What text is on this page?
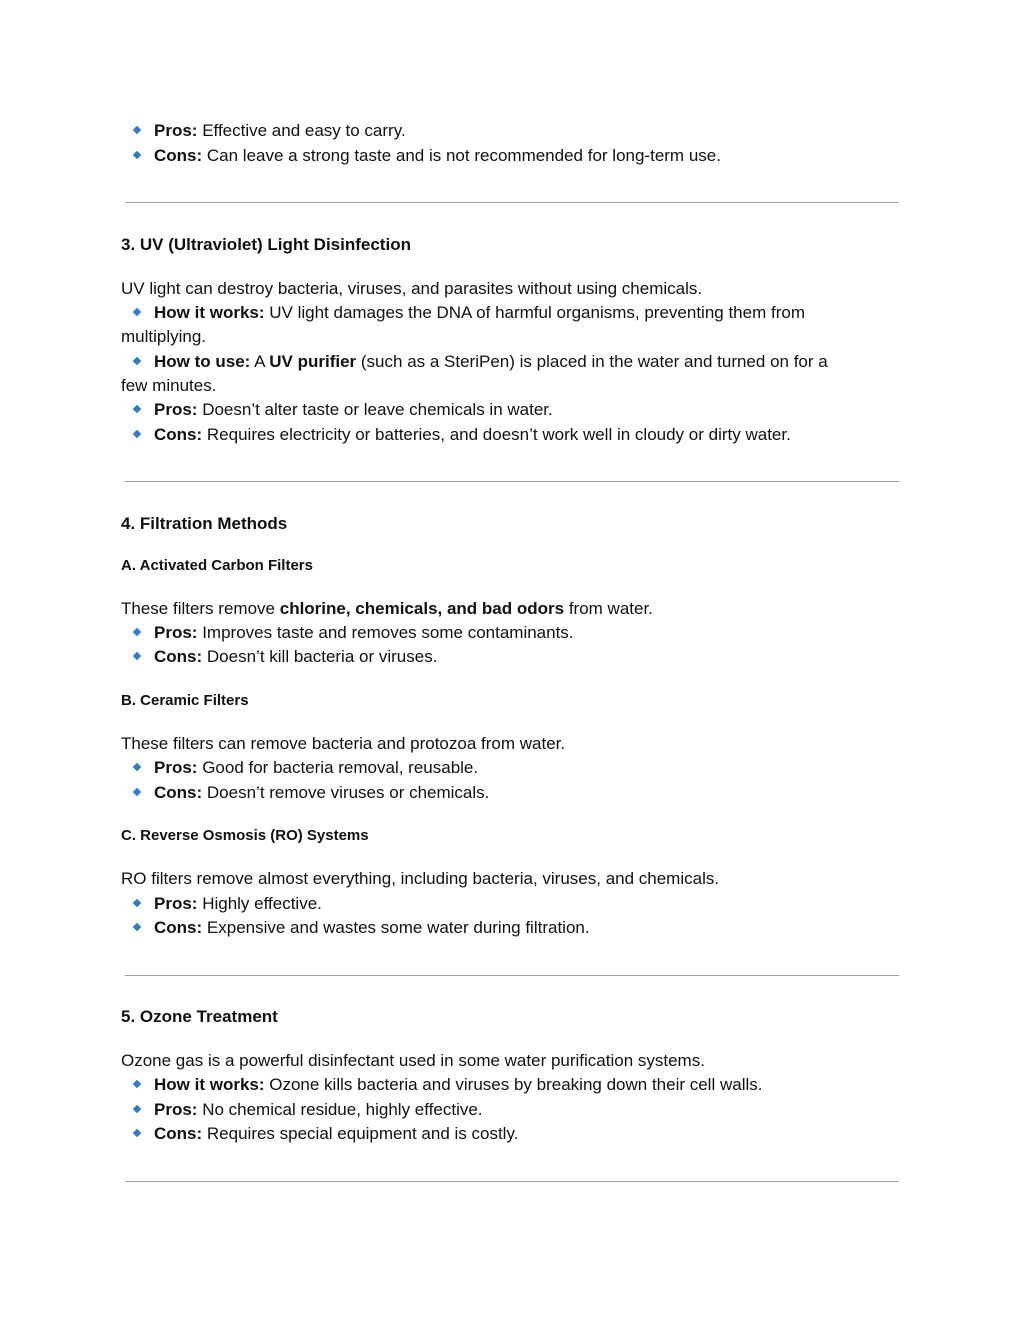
Pros: Effective and easy to carry.
Cons: Can leave a strong taste and is not recommended for long-term use.
3. UV (Ultraviolet) Light Disinfection
UV light can destroy bacteria, viruses, and parasites without using chemicals.
How it works: UV light damages the DNA of harmful organisms, preventing them from
multiplying.
How to use: A UV purifier (such as a SteriPen) is placed in the water and turned on for a
few minutes.
Pros: Doesn’t alter taste or leave chemicals in water.
Cons: Requires electricity or batteries, and doesn’t work well in cloudy or dirty water.
4. Filtration Methods
A. Activated Carbon Filters
These filters remove chlorine, chemicals, and bad odors from water.
Pros: Improves taste and removes some contaminants.
Cons: Doesn’t kill bacteria or viruses.
B. Ceramic Filters
These filters can remove bacteria and protozoa from water.
Pros: Good for bacteria removal, reusable.
Cons: Doesn’t remove viruses or chemicals.
C. Reverse Osmosis (RO) Systems
RO filters remove almost everything, including bacteria, viruses, and chemicals.
Pros: Highly effective.
Cons: Expensive and wastes some water during filtration.
5. Ozone Treatment
Ozone gas is a powerful disinfectant used in some water purification systems.
How it works: Ozone kills bacteria and viruses by breaking down their cell walls.
Pros: No chemical residue, highly effective.
Cons: Requires special equipment and is costly.
